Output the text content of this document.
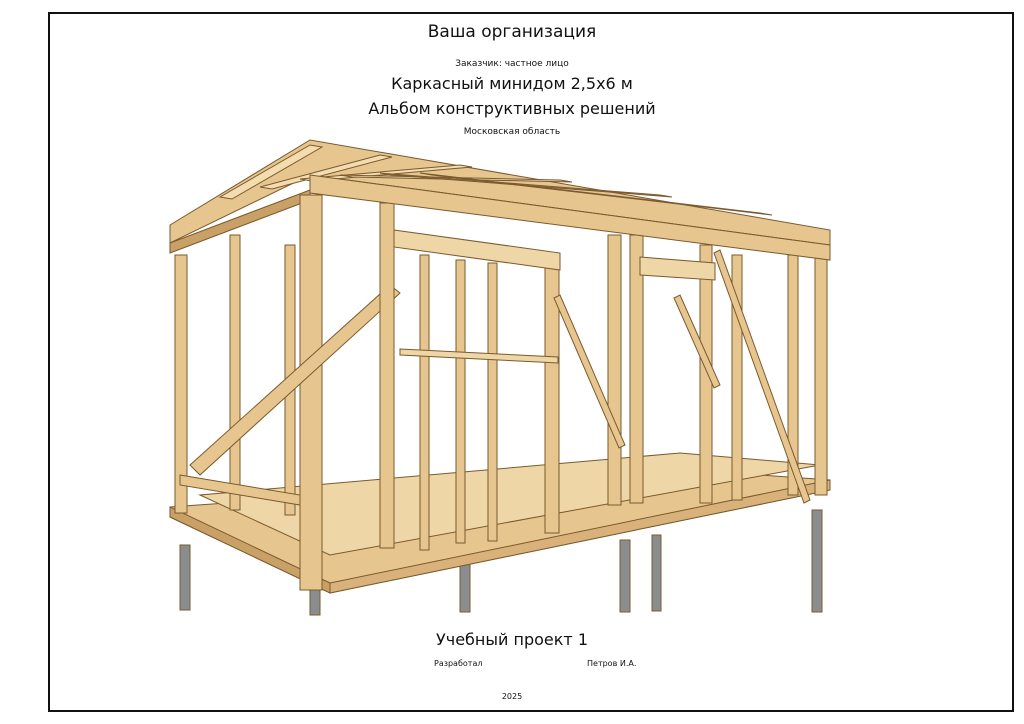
Ваша организация
Заказчик: частное лицо
Каркасный минидом 2,5х6 м
Альбом конструктивных решений
Московская область
Учебный проект 1
Разработал	Петров И.А.
2025
